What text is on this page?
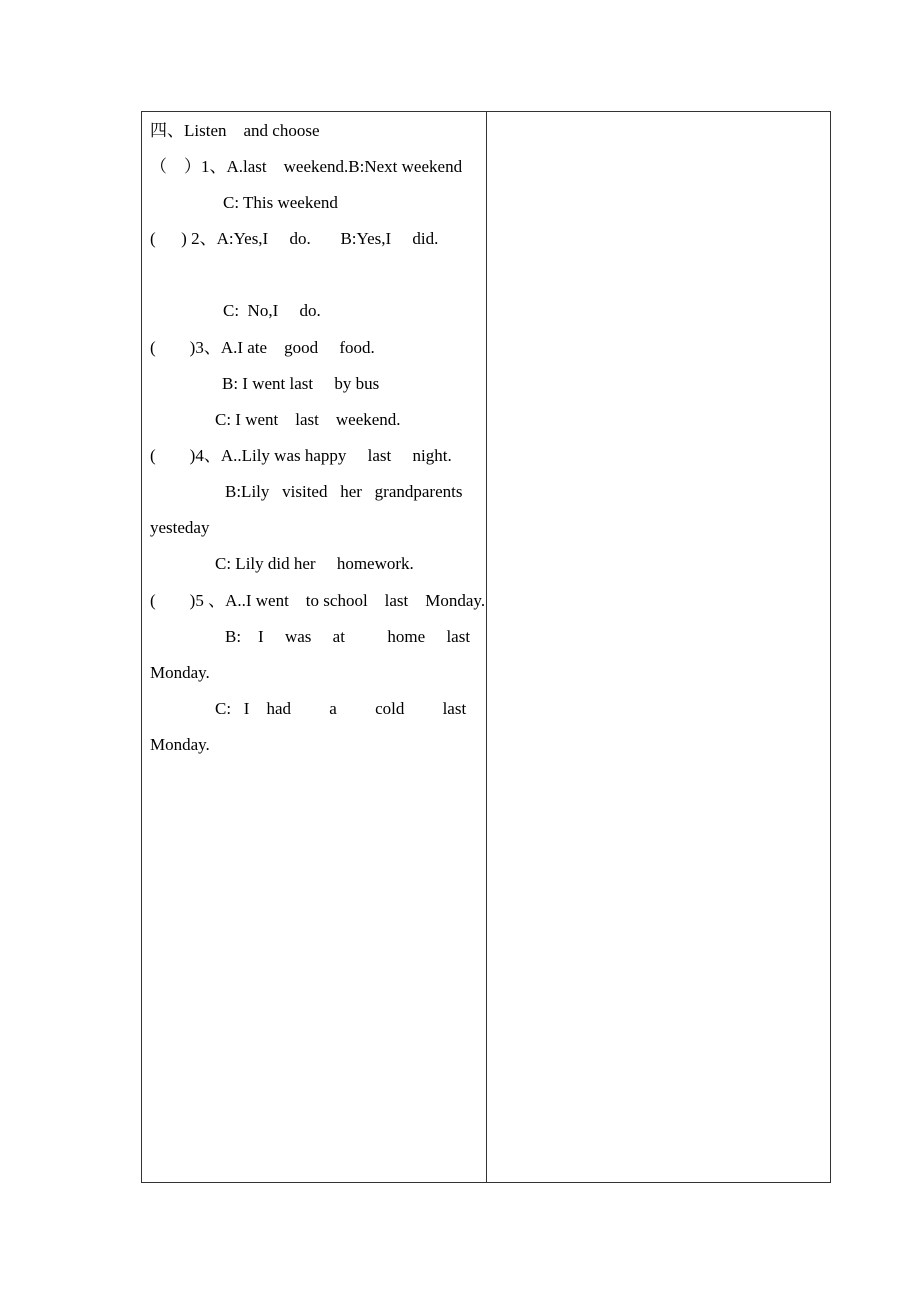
四、Listen    and choose
（    ）1、A.last    weekend.B:Next weekend
C: This weekend
(      ) 2、A:Yes,I     do.       B:Yes,I     did.
C:  No,I     do.
(        )3、A.I ate    good     food.
B: I went last     by bus
C: I went    last    weekend.
(        )4、A..Lily was happy     last     night.
B:Lily   visited   her   grandparents
yesteday
C: Lily did her     homework.
(        )5 、A..I went    to school    last    Monday.
B:    I     was     at          home     last
Monday.
C:   I    had         a         cold         last
Monday.
